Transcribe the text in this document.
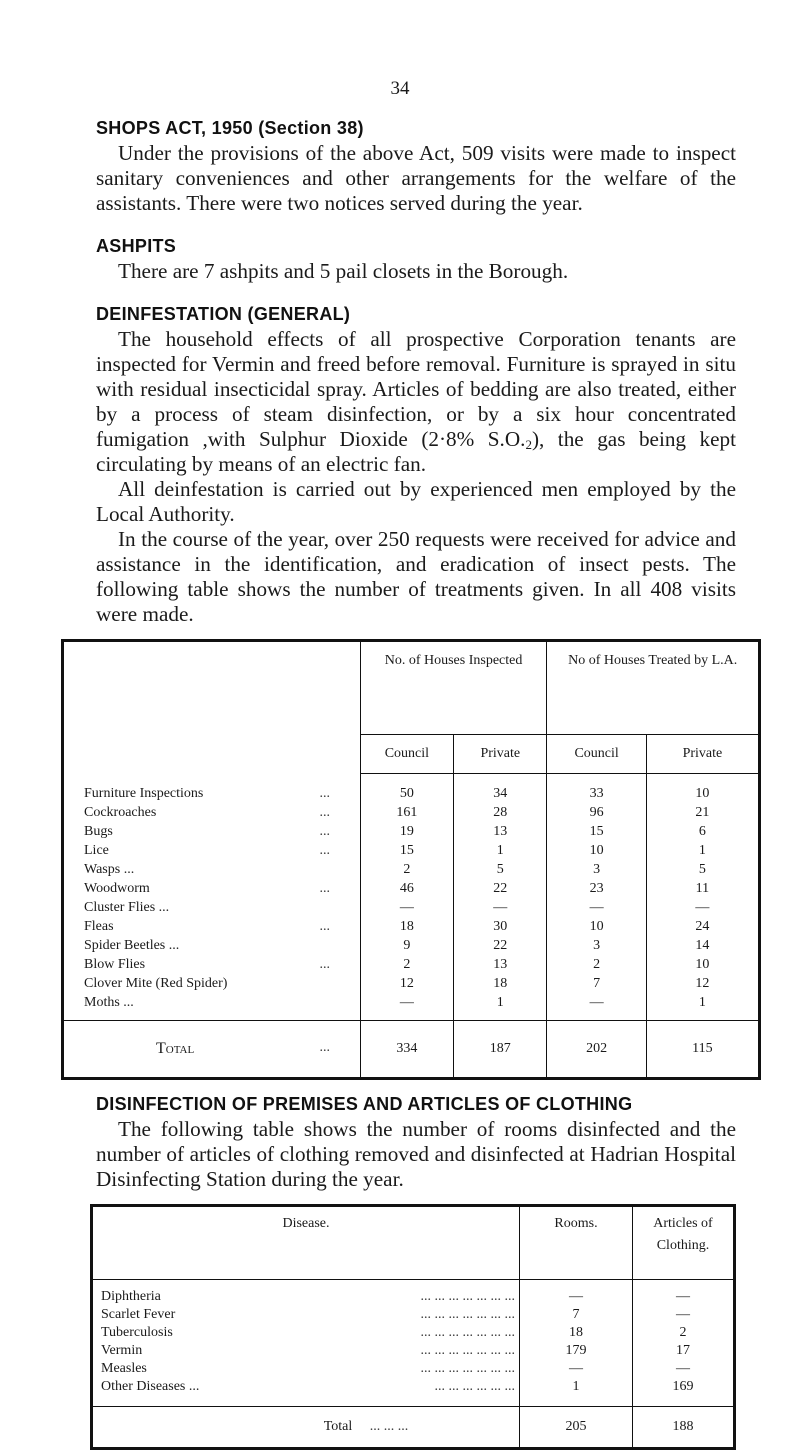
34
SHOPS ACT, 1950 (Section 38)

Under the provisions of the above Act, 509 visits were made to inspect sanitary conveniences and other arrangements for the welfare of the assistants. There were two notices served during the year.

ASHPITS

There are 7 ashpits and 5 pail closets in the Borough.

DEINFESTATION (GENERAL)

The household effects of all prospective Corporation tenants are inspected for Vermin and freed before removal. Furniture is sprayed in situ with residual insecticidal spray. Articles of bedding are also treated, either by a process of steam disinfection, or by a six hour concentrated fumigation ,with Sulphur Dioxide (2·8% $S.O._2$), the gas being kept circulating by means of an electric fan.

All deinfestation is carried out by experienced men employed by the Local Authority.

In the course of the year, over 250 requests were received for advice and assistance in the identification, and eradication of insect pests. The following table shows the number of treatments given. In all 408 visits were made.

	No. of Houses Inspected		No of Houses Treated by L.A.	
	Council	Private	Council	Private

Furniture Inspections ...	50	34	33	10

Cockroaches ...	161	28	96	21

Bugs ...	19	13	15	6

Lice ...	15	1	10	1

Wasps ...	2	5	3	5

Woodworm ...	46	22	23	11

Cluster Flies ...	—	—	—	—

Fleas ...	18	30	10	24

Spider Beetles ...	9	22	3	14

Blow Flies ...	2	13	2	10

Clover Mite (Red Spider)	12	18	7	12

Moths ...	—	1	—	1

Total ...	334	187	202	115
DISINFECTION OF PREMISES AND ARTICLES OF CLOTHING

The following table shows the number of rooms disinfected and the number of articles of clothing removed and disinfected at Hadrian Hospital Disinfecting Station during the year.

Disease.	Rooms.	Articles of Clothing.

Diphtheria ... ... ... ... ... ... ...	—	—

Scarlet Fever ... ... ... ... ... ... ...	7	—

Tuberculosis ... ... ... ... ... ... ...	18	2

Vermin ... ... ... ... ... ... ...	179	17

Measles ... ... ... ... ... ... ...	—	—

Other Diseases ... ... ... ... ... ... ...	1	169

Total ... ... ...	205	188
